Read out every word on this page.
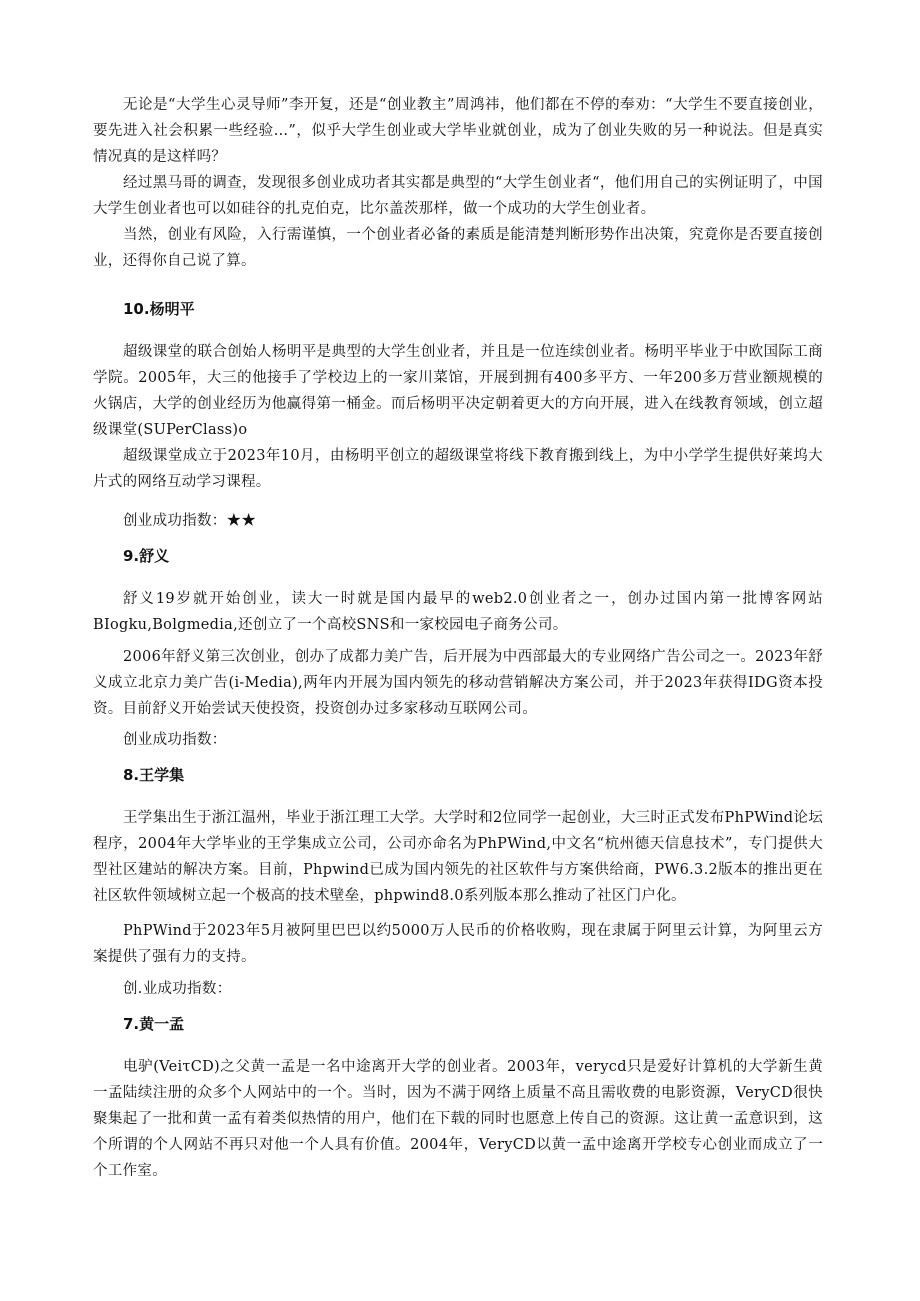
无论是“大学生心灵导师”李开复，还是“创业教主”周鸿祎，他们都在不停的奉劝：“大学生不要直接创业，要先进入社会积累一些经验…”，似乎大学生创业或大学毕业就创业，成为了创业失败的另一种说法。但是真实情况真的是这样吗？

经过黑马哥的调查，发现很多创业成功者其实都是典型的“大学生创业者“，他们用自己的实例证明了，中国大学生创业者也可以如硅谷的扎克伯克，比尔盖茨那样，做一个成功的大学生创业者。

当然，创业有风险，入行需谨慎，一个创业者必备的素质是能清楚判断形势作出决策，究竟你是否要直接创业，还得你自己说了算。

10.杨明平

超级课堂的联合创始人杨明平是典型的大学生创业者，并且是一位连续创业者。杨明平毕业于中欧国际工商学院。2005年，大三的他接手了学校边上的一家川菜馆，开展到拥有400多平方、一年200多万营业额规模的火锅店，大学的创业经历为他赢得第一桶金。而后杨明平决定朝着更大的方向开展，进入在线教育领域，创立超级课堂(SUPerClass)o

超级课堂成立于2023年10月，由杨明平创立的超级课堂将线下教育搬到线上，为中小学学生提供好莱坞大片式的网络互动学习课程。

创业成功指数：★★

9.舒义

舒义19岁就开始创业，读大一时就是国内最早的web2.0创业者之一，创办过国内第一批博客网站BIogku,Bolgmedia,还创立了一个高校SNS和一家校园电子商务公司。

2006年舒义第三次创业，创办了成都力美广告，后开展为中西部最大的专业网络广告公司之一。2023年舒义成立北京力美广告(i-Media),两年内开展为国内领先的移动营销解决方案公司，并于2023年获得IDG资本投资。目前舒义开始尝试天使投资，投资创办过多家移动互联网公司。

创业成功指数：

8.王学集

王学集出生于浙江温州，毕业于浙江理工大学。大学时和2位同学一起创业，大三时正式发布PhPWind论坛程序，2004年大学毕业的王学集成立公司，公司亦命名为PhPWind,中文名“杭州德天信息技术”，专门提供大型社区建站的解决方案。目前，Phpwind已成为国内领先的社区软件与方案供给商，PW6.3.2版本的推出更在社区软件领域树立起一个极高的技术壁垒，phpwind8.0系列版本那么推动了社区门户化。

PhPWind于2023年5月被阿里巴巴以约5000万人民币的价格收购，现在隶属于阿里云计算，为阿里云方案提供了强有力的支持。

创.业成功指数：

7.黄一孟

电驴(VeiτCD)之父黄一孟是一名中途离开大学的创业者。2003年，verycd只是爱好计算机的大学新生黄一孟陆续注册的众多个人网站中的一个。当时，因为不满于网络上质量不高且需收费的电影资源，VeryCD很快聚集起了一批和黄一孟有着类似热情的用户，他们在下载的同时也愿意上传自己的资源。这让黄一孟意识到，这个所谓的个人网站不再只对他一个人具有价值。2004年，VeryCD以黄一孟中途离开学校专心创业而成立了一个工作室。
